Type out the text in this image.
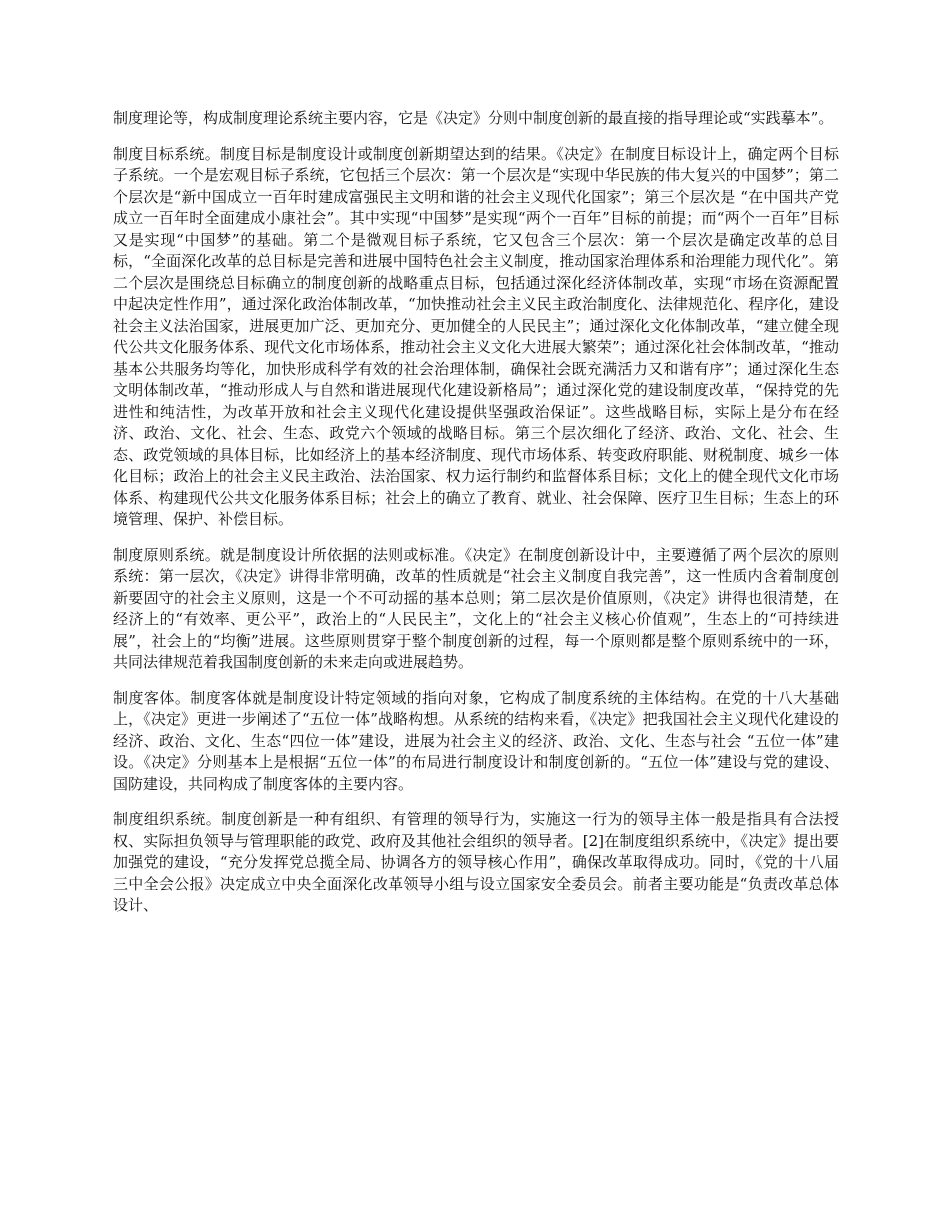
制度理论等，构成制度理论系统主要内容，它是《决定》分则中制度创新的最直接的指导理论或“实践摹本”。

制度目标系统。制度目标是制度设计或制度创新期望达到的结果。《决定》在制度目标设计上，确定两个目标子系统。一个是宏观目标子系统，它包括三个层次：第一个层次是“实现中华民族的伟大复兴的中国梦”；第二个层次是“新中国成立一百年时建成富强民主文明和谐的社会主义现代化国家”；第三个层次是 “在中国共产党成立一百年时全面建成小康社会”。其中实现“中国梦”是实现“两个一百年”目标的前提；而“两个一百年”目标又是实现“中国梦”的基础。第二个是微观目标子系统，它又包含三个层次：第一个层次是确定改革的总目标，“全面深化改革的总目标是完善和进展中国特色社会主义制度，推动国家治理体系和治理能力现代化”。第二个层次是围绕总目标确立的制度创新的战略重点目标，包括通过深化经济体制改革，实现“市场在资源配置中起决定性作用”，通过深化政治体制改革，“加快推动社会主义民主政治制度化、法律规范化、程序化，建设社会主义法治国家，进展更加广泛、更加充分、更加健全的人民民主”；通过深化文化体制改革，“建立健全现代公共文化服务体系、现代文化市场体系，推动社会主义文化大进展大繁荣”；通过深化社会体制改革，“推动基本公共服务均等化，加快形成科学有效的社会治理体制，确保社会既充满活力又和谐有序”；通过深化生态文明体制改革，“推动形成人与自然和谐进展现代化建设新格局”；通过深化党的建设制度改革，“保持党的先进性和纯洁性，为改革开放和社会主义现代化建设提供坚强政治保证”。这些战略目标，实际上是分布在经济、政治、文化、社会、生态、政党六个领域的战略目标。第三个层次细化了经济、政治、文化、社会、生态、政党领域的具体目标，比如经济上的基本经济制度、现代市场体系、转变政府职能、财税制度、城乡一体化目标；政治上的社会主义民主政治、法治国家、权力运行制约和监督体系目标；文化上的健全现代文化市场体系、构建现代公共文化服务体系目标；社会上的确立了教育、就业、社会保障、医疗卫生目标；生态上的环境管理、保护、补偿目标。

制度原则系统。就是制度设计所依据的法则或标准。《决定》在制度创新设计中，主要遵循了两个层次的原则系统：第一层次，《决定》讲得非常明确，改革的性质就是“社会主义制度自我完善”，这一性质内含着制度创新要固守的社会主义原则，这是一个不可动摇的基本总则；第二层次是价值原则，《决定》讲得也很清楚，在经济上的“有效率、更公平”，政治上的“人民民主”，文化上的“社会主义核心价值观”，生态上的“可持续进展”，社会上的“均衡”进展。这些原则贯穿于整个制度创新的过程，每一个原则都是整个原则系统中的一环，共同法律规范着我国制度创新的未来走向或进展趋势。

制度客体。制度客体就是制度设计特定领域的指向对象，它构成了制度系统的主体结构。在党的十八大基础上，《决定》更进一步阐述了“五位一体”战略构想。从系统的结构来看，《决定》把我国社会主义现代化建设的经济、政治、文化、生态“四位一体”建设，进展为社会主义的经济、政治、文化、生态与社会 “五位一体”建设。《决定》分则基本上是根据“五位一体”的布局进行制度设计和制度创新的。“五位一体”建设与党的建设、国防建设，共同构成了制度客体的主要内容。

制度组织系统。制度创新是一种有组织、有管理的领导行为，实施这一行为的领导主体一般是指具有合法授权、实际担负领导与管理职能的政党、政府及其他社会组织的领导者。[2]在制度组织系统中，《决定》提出要加强党的建设，“充分发挥党总揽全局、协调各方的领导核心作用”，确保改革取得成功。同时，《党的十八届三中全会公报》决定成立中央全面深化改革领导小组与设立国家安全委员会。前者主要功能是“负责改革总体设计、
